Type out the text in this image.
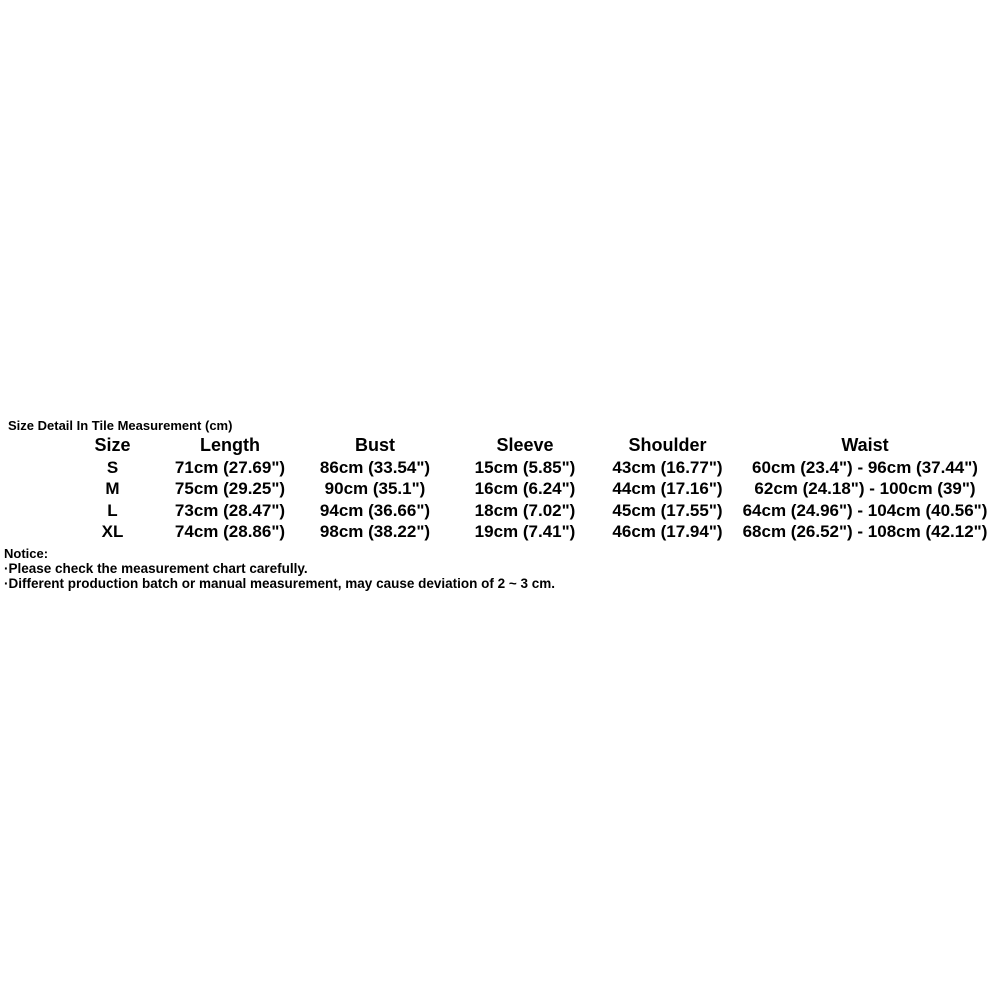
Size Detail In Tile Measurement (cm)
Size	Length	Bust	Sleeve	Shoulder	Waist
S	71cm (27.69")	86cm (33.54")	15cm (5.85")	43cm (16.77")	60cm (23.4") - 96cm (37.44")
M	75cm (29.25")	90cm (35.1")	16cm (6.24")	44cm (17.16")	62cm (24.18") - 100cm (39")
L	73cm (28.47")	94cm (36.66")	18cm (7.02")	45cm (17.55")	64cm (24.96") - 104cm (40.56")
XL	74cm (28.86")	98cm (38.22")	19cm (7.41")	46cm (17.94")	68cm (26.52") - 108cm (42.12")
Notice:
·Please check the measurement chart carefully.
·Different production batch or manual measurement, may cause deviation of 2 ~ 3 cm.
